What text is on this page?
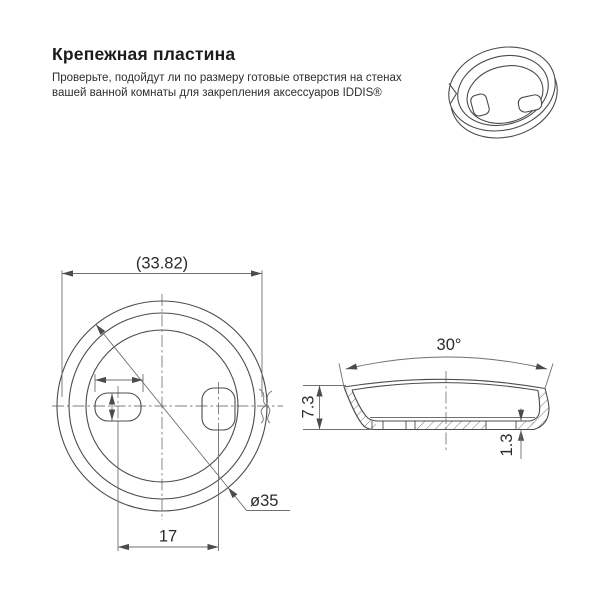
Крепежная пластина

Проверьте, подойдут ли по размеру готовые отверстия на стенах
вашей ванной комнаты для закрепления аксессуаров IDDIS®

(33.82)
ø35
17
30°
7.3
1.3
